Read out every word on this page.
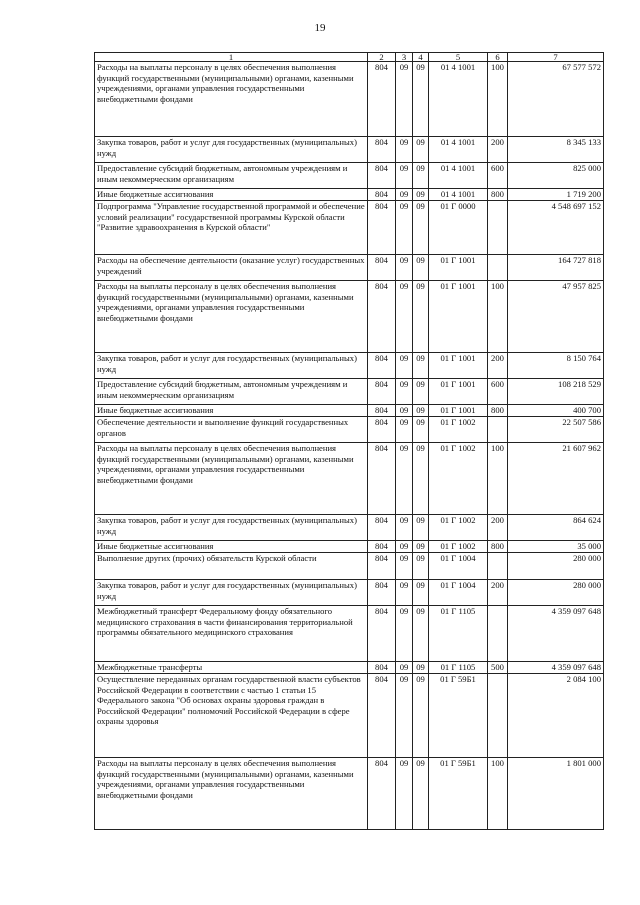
19
1	2	3	4	5	6	7
Расходы на выплаты персоналу в целях обеспечения выполнения функций государственными (муниципальными) органами, казенными учреждениями, органами управления государственными внебюджетными фондами	804	09	09	01 4 1001	100	67 577 572
Закупка товаров, работ и услуг для государственных (муниципальных) нужд	804	09	09	01 4 1001	200	8 345 133
Предоставление субсидий бюджетным, автономным учреждениям и иным некоммерческим организациям	804	09	09	01 4 1001	600	825 000
Иные бюджетные ассигнования	804	09	09	01 4 1001	800	1 719 200
Подпрограмма "Управление государственной программой и обеспечение условий реализации" государственной программы Курской области "Развитие здравоохранения в Курской области"	804	09	09	01 Г 0000		4 548 697 152
Расходы на обеспечение деятельности (оказание услуг) государственных учреждений	804	09	09	01 Г 1001		164 727 818
Расходы на выплаты персоналу в целях обеспечения выполнения функций государственными (муниципальными) органами, казенными учреждениями, органами управления государственными внебюджетными фондами	804	09	09	01 Г 1001	100	47 957 825
Закупка товаров, работ и услуг для государственных (муниципальных) нужд	804	09	09	01 Г 1001	200	8 150 764
Предоставление субсидий бюджетным, автономным учреждениям и иным некоммерческим организациям	804	09	09	01 Г 1001	600	108 218 529
Иные бюджетные ассигнования	804	09	09	01 Г 1001	800	400 700
Обеспечение деятельности и выполнение функций государственных органов	804	09	09	01 Г 1002		22 507 586
Расходы на выплаты персоналу в целях обеспечения выполнения функций государственными (муниципальными) органами, казенными учреждениями, органами управления государственными внебюджетными фондами	804	09	09	01 Г 1002	100	21 607 962
Закупка товаров, работ и услуг для государственных (муниципальных) нужд	804	09	09	01 Г 1002	200	864 624
Иные бюджетные ассигнования	804	09	09	01 Г 1002	800	35 000
Выполнение других (прочих) обязательств Курской области	804	09	09	01 Г 1004		280 000
Закупка товаров, работ и услуг для государственных (муниципальных) нужд	804	09	09	01 Г 1004	200	280 000
Межбюджетный трансферт Федеральному фонду обязательного медицинского страхования в части финансирования территориальной программы обязательного медицинского страхования	804	09	09	01 Г 1105		4 359 097 648
Межбюджетные трансферты	804	09	09	01 Г 1105	500	4 359 097 648
Осуществление переданных органам государственной власти субъектов Российской Федерации в соответствии с частью 1 статьи 15 Федерального закона "Об основах охраны здоровья граждан в Российской Федерации" полномочий Российской Федерации в сфере охраны здоровья	804	09	09	01 Г 59Б1		2 084 100
Расходы на выплаты персоналу в целях обеспечения выполнения функций государственными (муниципальными) органами, казенными учреждениями, органами управления государственными внебюджетными фондами	804	09	09	01 Г 59Б1	100	1 801 000
